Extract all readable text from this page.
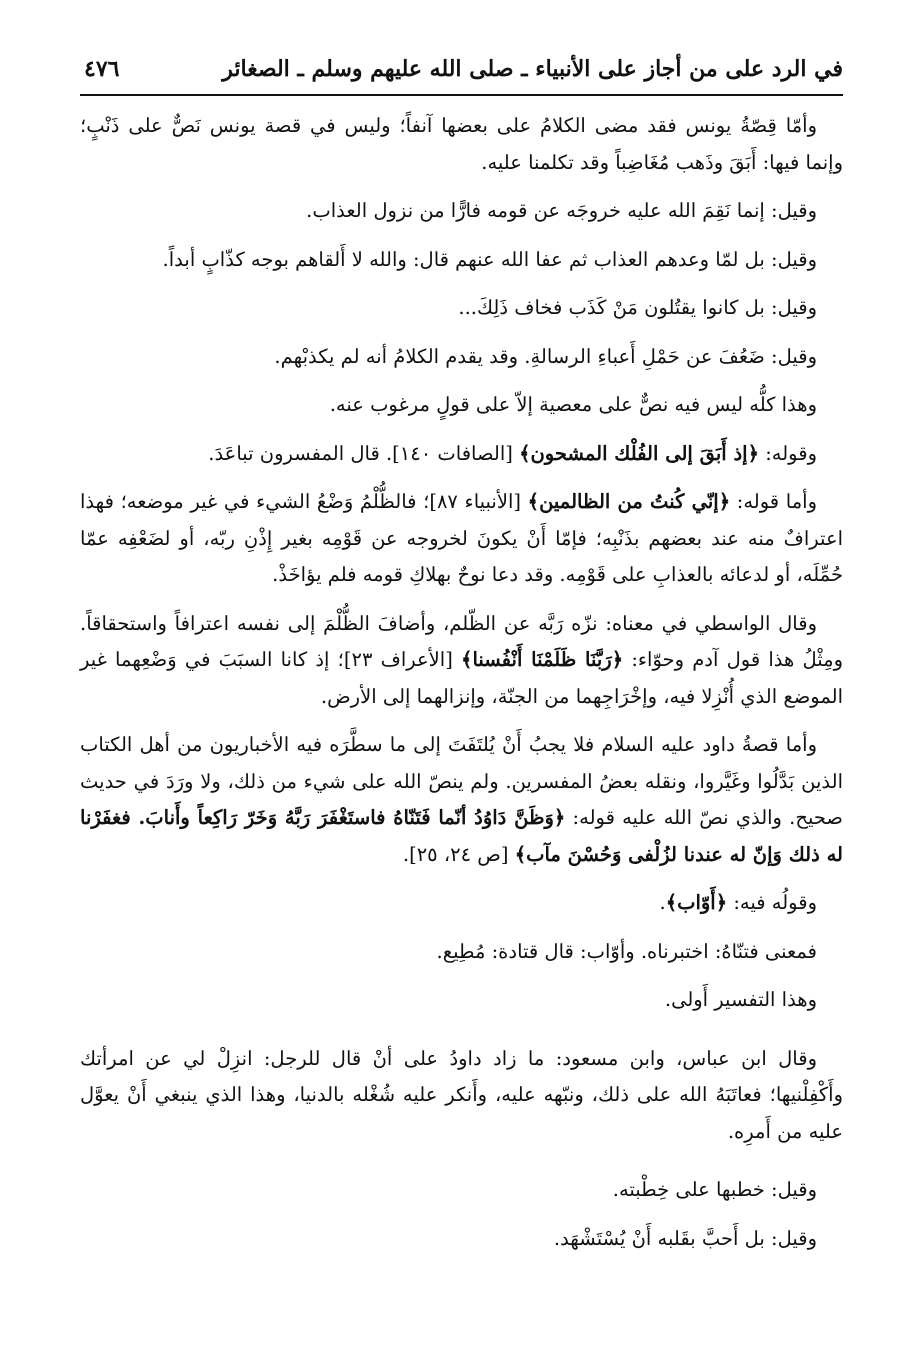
في الرد على من أجاز على الأنبياء ـ صلى الله عليهم وسلم ـ الصغائر
٤٧٦

وأمّا قِصّةُ يونس فقد مضى الكلامُ على بعضها آنفاً؛ وليس في قصة يونس نَصٌّ على ذَنْبٍ؛ وإنما فيها: أَبَقَ وذَهب مُغَاضِباً وقد تكلمنا عليه.

وقيل: إنما نَقِمَ الله عليه خروجَه عن قومه فارًّا من نزول العذاب.

وقيل: بل لمّا وعدهم العذاب ثم عفا الله عنهم قال: والله لا أَلقاهم بوجه كذّابٍ أبداً.

وقيل: بل كانوا يقتُلون مَنْ كَذَب فخاف ذَلِكَ...

وقيل: ضَعُفَ عن حَمْلِ أَعباءِ الرسالةِ. وقد يقدم الكلامُ أنه لم يكذبْهم.

وهذا كلُّه ليس فيه نصٌّ على معصية إلاّ على قولٍ مرغوب عنه.

وقوله: ﴿إذ أَبَقَ إلى الفُلْك المشحون﴾ [الصافات ١٤٠]. قال المفسرون تباعَدَ.

وأما قوله: ﴿إنّي كُنتُ من الظالمين﴾ [الأنبياء ٨٧]؛ فالظُّلْمُ وَضْعُ الشيء في غير موضعه؛ فهذا اعترافٌ منه عند بعضهم بذَنْبِه؛ فإمّا أَنْ يكونَ لخروجه عن قَوْمِه بغير إِذْنِ ربّه، أو لضَعْفِه عمّا حُمِّلَه، أو لدعائه بالعذابِ على قَوْمِه. وقد دعا نوحٌ بهلاكِ قومه فلم يؤاخَذْ.

وقال الواسطي في معناه: نزّه رَبَّه عن الظّلم، وأضافَ الظُّلْمَ إلى نفسه اعترافاً واستحقاقاً. ومِثْلُ هذا قول آدم وحوّاء: ﴿رَبَّنَا ظَلَمْنَا أَنْفُسنا﴾ [الأعراف ٢٣]؛ إذ كانا السبَبَ في وَضْعِهما غير الموضع الذي أُنْزِلا فيه، وإخْرَاجِهما من الجنّة، وإنزالهما إلى الأرض.

وأما قصةُ داود عليه السلام فلا يجبُ أَنْ يُلتَفَتَ إلى ما سطَّرَه فيه الأخباريون من أهل الكتاب الذين بَدَّلُوا وغَيَّروا، ونقله بعضُ المفسرين. ولم ينصّ الله على شيء من ذلك، ولا ورَدَ في حديث صحيح. والذي نصّ الله عليه قوله: ﴿وَظَنَّ دَاوُدُ أنّما فَتَنّاهُ فاستَغْفَرَ رَبَّهُ وَخَرّ رَاكِعاً وأَنابَ. فغفَرْنا له ذلك وَإنّ له عندنا لزُلْفى وَحُسْنَ مآب﴾ [ص ٢٤، ٢٥].

وقولُه فيه: ﴿أَوّاب﴾.

فمعنى فتنّاهُ: اختبرناه. وأوّاب: قال قتادة: مُطِيع.

وهذا التفسير أَولى.

وقال ابن عباس، وابن مسعود: ما زاد داودُ على أنْ قال للرجل: انزِلْ لي عن امرأتك وأَكْفِلْنيها؛ فعاتَبَهُ الله على ذلك، ونبّهه عليه، وأَنكر عليه شُغْله بالدنيا، وهذا الذي ينبغي أَنْ يعوَّل عليه من أَمرِه.

وقيل: خطبها على خِطْبته.

وقيل: بل أَحبَّ بقَلبه أَنْ يُسْتَشْهَد.
